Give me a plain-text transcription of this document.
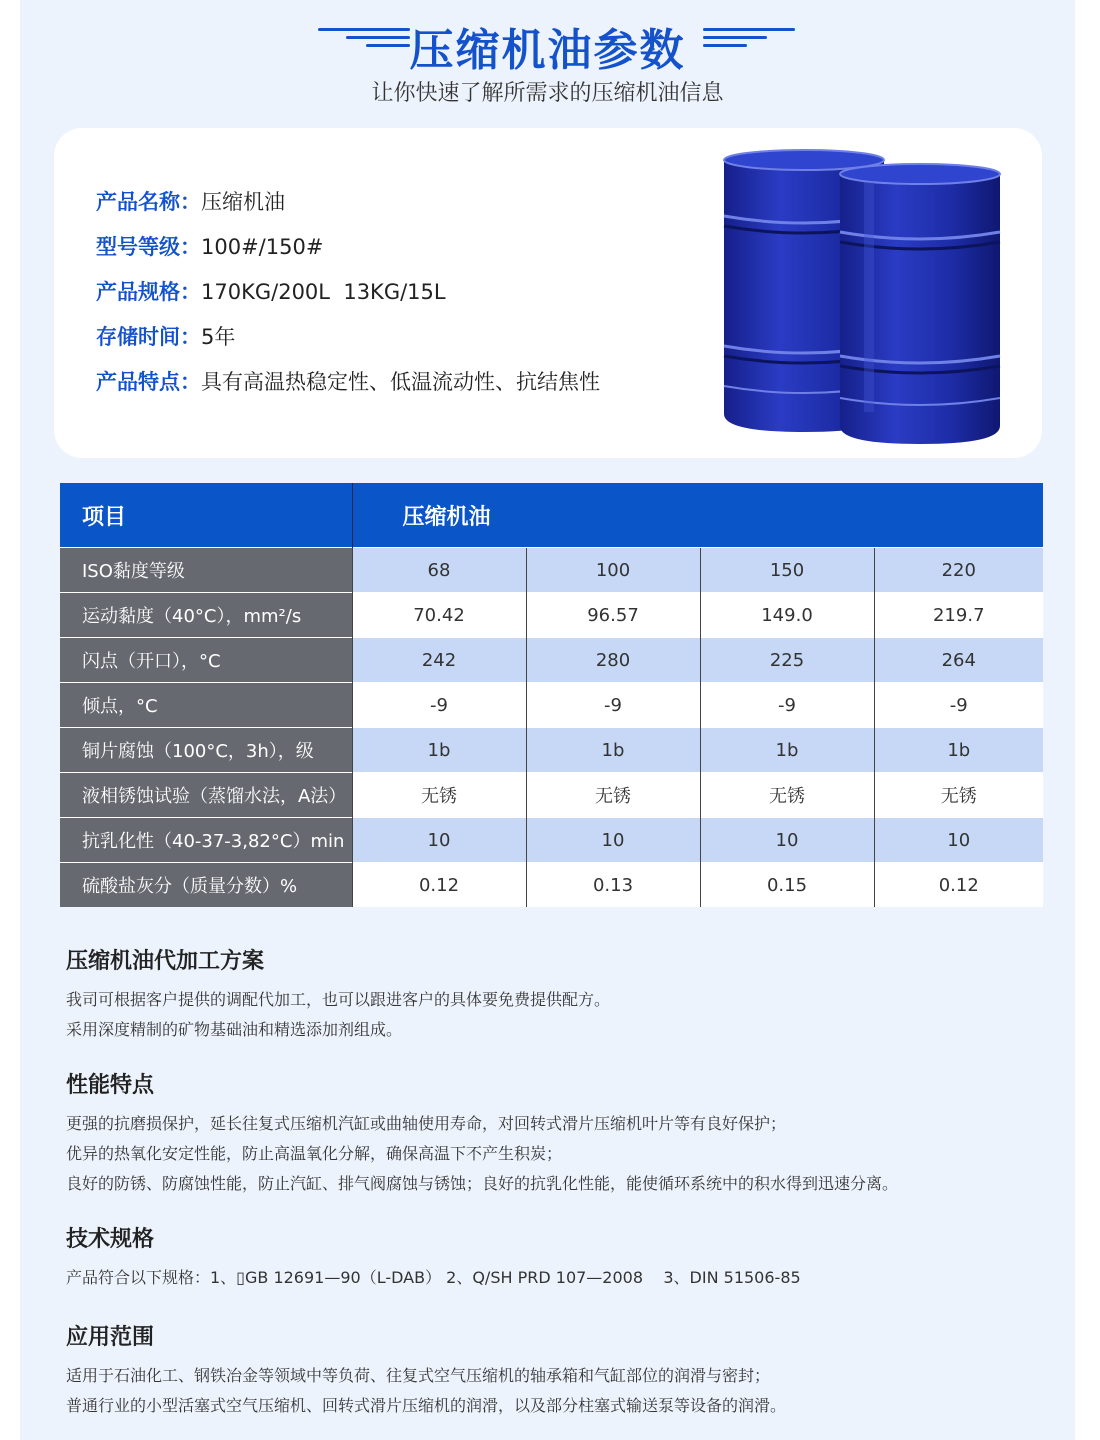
压缩机油参数
让你快速了解所需求的压缩机油信息
产品名称：压缩机油
型号等级：100#/150#
产品规格：170KG/200L  13KG/15L
存储时间：5年
产品特点：具有高温热稳定性、低温流动性、抗结焦性
项目	压缩机油			
ISO黏度等级	68	100	150	220
运动黏度（40°C），mm²/s	70.42	96.57	149.0	219.7
闪点（开口），°C	242	280	225	264
倾点，°C	-9	-9	-9	-9
铜片腐蚀（100°C，3h），级	1b	1b	1b	1b
液相锈蚀试验（蒸馏水法，A法）	无锈	无锈	无锈	无锈
抗乳化性（40-37-3,82°C）min	10	10	10	10
硫酸盐灰分（质量分数）%	0.12	0.13	0.15	0.12
压缩机油代加工方案

我司可根据客户提供的调配代加工，也可以跟进客户的具体要免费提供配方。

采用深度精制的矿物基础油和精选添加剂组成。

性能特点

更强的抗磨损保护，延长往复式压缩机汽缸或曲轴使用寿命，对回转式滑片压缩机叶片等有良好保护；

优异的热氧化安定性能，防止高温氧化分解，确保高温下不产生积炭；

良好的防锈、防腐蚀性能，防止汽缸、排气阀腐蚀与锈蚀；良好的抗乳化性能，能使循环系统中的积水得到迅速分离。

技术规格

产品符合以下规格：1、▯GB 12691—90（L-DAB） 2、Q/SH PRD 107—2008    3、DIN 51506-85

应用范围

适用于石油化工、钢铁冶金等领域中等负荷、往复式空气压缩机的轴承箱和气缸部位的润滑与密封；

普通行业的小型活塞式空气压缩机、回转式滑片压缩机的润滑，以及部分柱塞式输送泵等设备的润滑。
